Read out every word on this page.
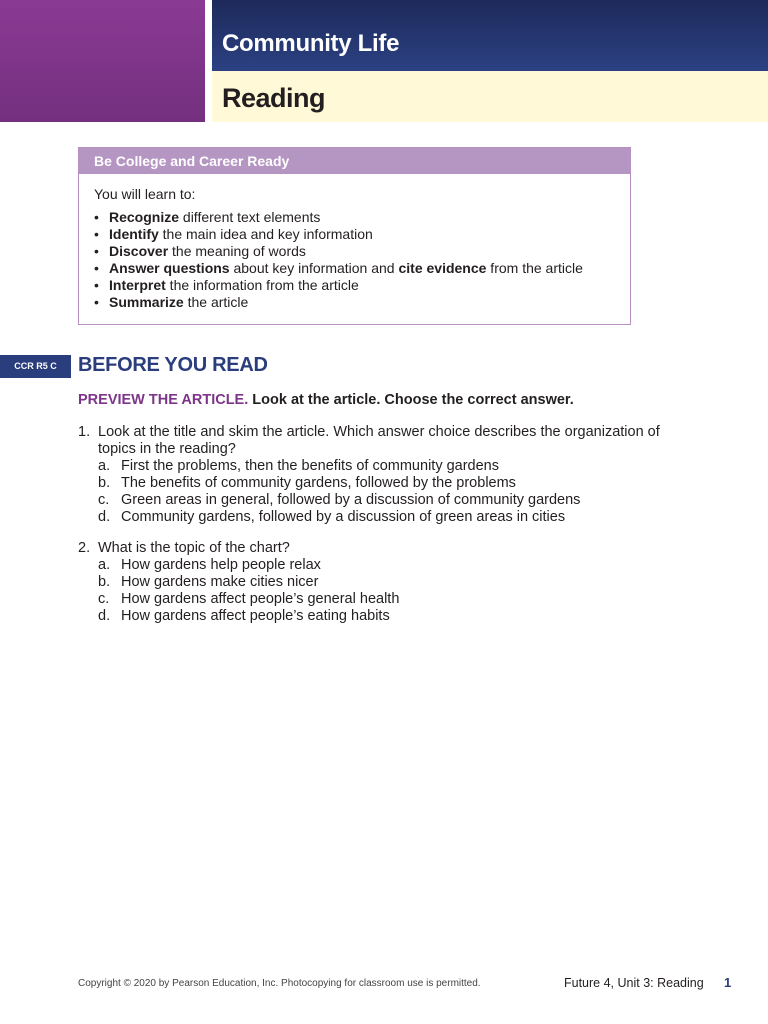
Community Life
Reading
Be College and Career Ready
You will learn to:
• Recognize different text elements
• Identify the main idea and key information
• Discover the meaning of words
• Answer questions about key information and cite evidence from the article
• Interpret the information from the article
• Summarize the article
CCR R5 C	BEFORE YOU READ
PREVIEW THE ARTICLE. Look at the article. Choose the correct answer.
1. Look at the title and skim the article. Which answer choice describes the organization of topics in the reading?
a. First the problems, then the benefits of community gardens
b. The benefits of community gardens, followed by the problems
c. Green areas in general, followed by a discussion of community gardens
d. Community gardens, followed by a discussion of green areas in cities
2. What is the topic of the chart?
a. How gardens help people relax
b. How gardens make cities nicer
c. How gardens affect people’s general health
d. How gardens affect people’s eating habits
Copyright © 2020 by Pearson Education, Inc. Photocopying for classroom use is permitted.	Future 4, Unit 3: Reading 1
